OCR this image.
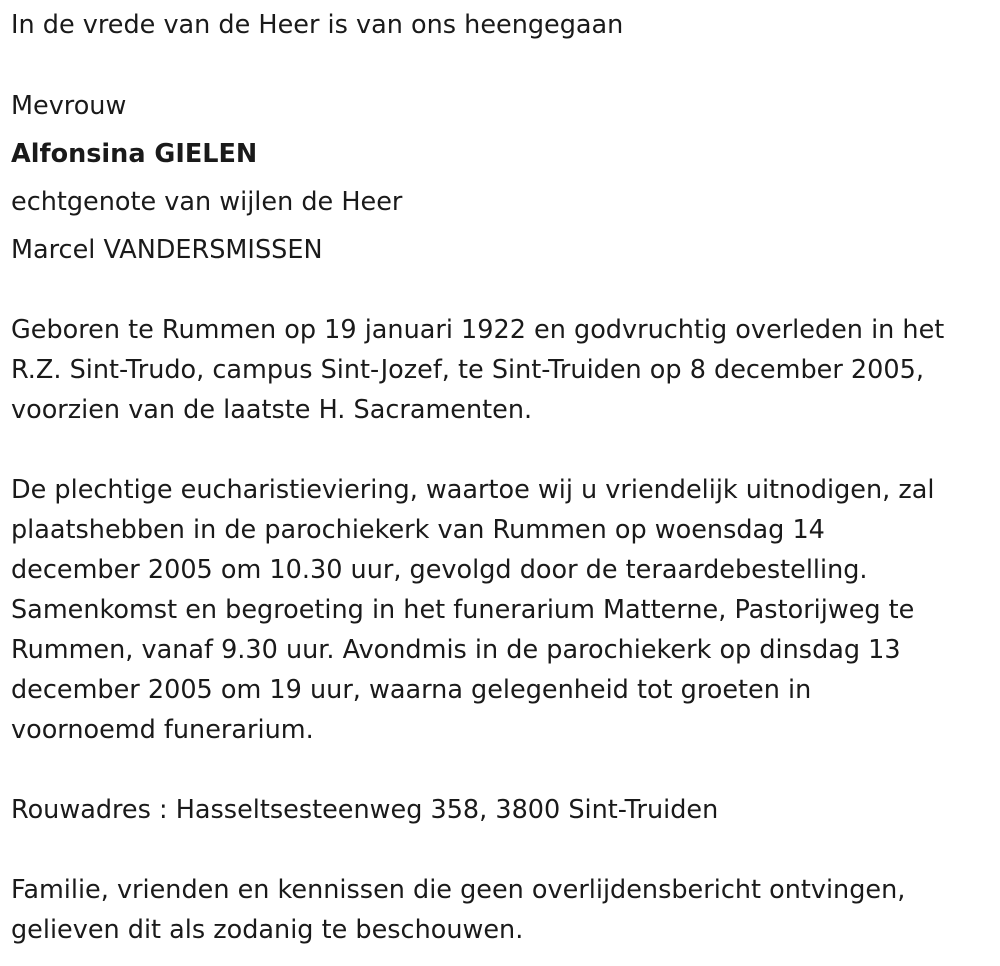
In de vrede van de Heer is van ons heengegaan
Mevrouw
Alfonsina GIELEN
echtgenote van wijlen de Heer
Marcel VANDERSMISSEN
Geboren te Rummen op 19 januari 1922 en godvruchtig overleden in het
R.Z. Sint-Trudo, campus Sint-Jozef, te Sint-Truiden op 8 december 2005,
voorzien van de laatste H. Sacramenten.
De plechtige eucharistieviering, waartoe wij u vriendelijk uitnodigen, zal
plaatshebben in de parochiekerk van Rummen op woensdag 14
december 2005 om 10.30 uur, gevolgd door de teraardebestelling.
Samenkomst en begroeting in het funerarium Matterne, Pastorijweg te
Rummen, vanaf 9.30 uur. Avondmis in de parochiekerk op dinsdag 13
december 2005 om 19 uur, waarna gelegenheid tot groeten in
voornoemd funerarium.
Rouwadres : Hasseltsesteenweg 358, 3800 Sint-Truiden
Familie, vrienden en kennissen die geen overlijdensbericht ontvingen,
gelieven dit als zodanig te beschouwen.
